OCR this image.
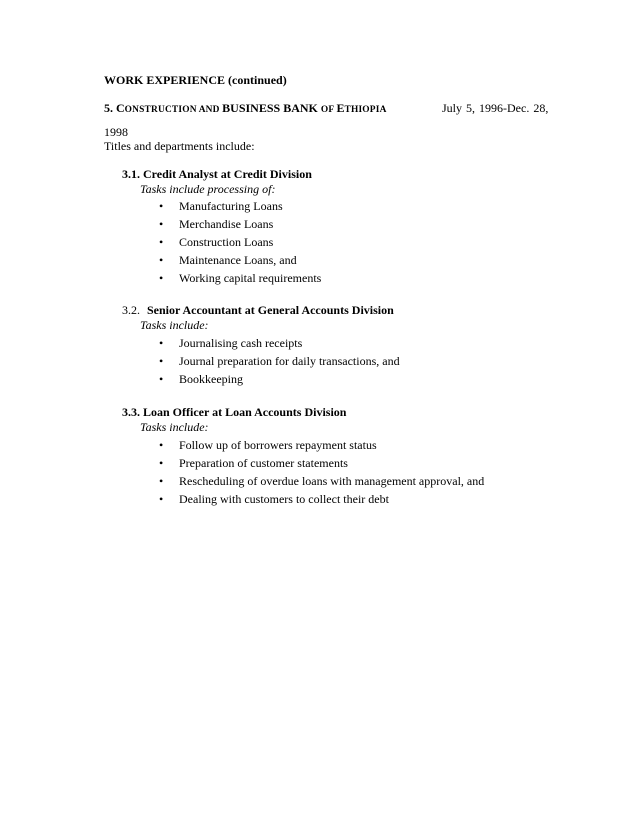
WORK EXPERIENCE (continued)
5. CONSTRUCTION AND BUSINESS BANK OF ETHIOPIA	July 5, 1996-Dec. 28,
1998
Titles and departments include:
3.1. Credit Analyst at Credit Division
Tasks include processing of:
• Manufacturing Loans
• Merchandise Loans
• Construction Loans
• Maintenance Loans, and
• Working capital requirements
3.2. Senior Accountant at General Accounts Division
Tasks include:
• Journalising cash receipts
• Journal preparation for daily transactions, and
• Bookkeeping
3.3. Loan Officer at Loan Accounts Division
Tasks include:
• Follow up of borrowers repayment status
• Preparation of customer statements
• Rescheduling of overdue loans with management approval, and
• Dealing with customers to collect their debt
